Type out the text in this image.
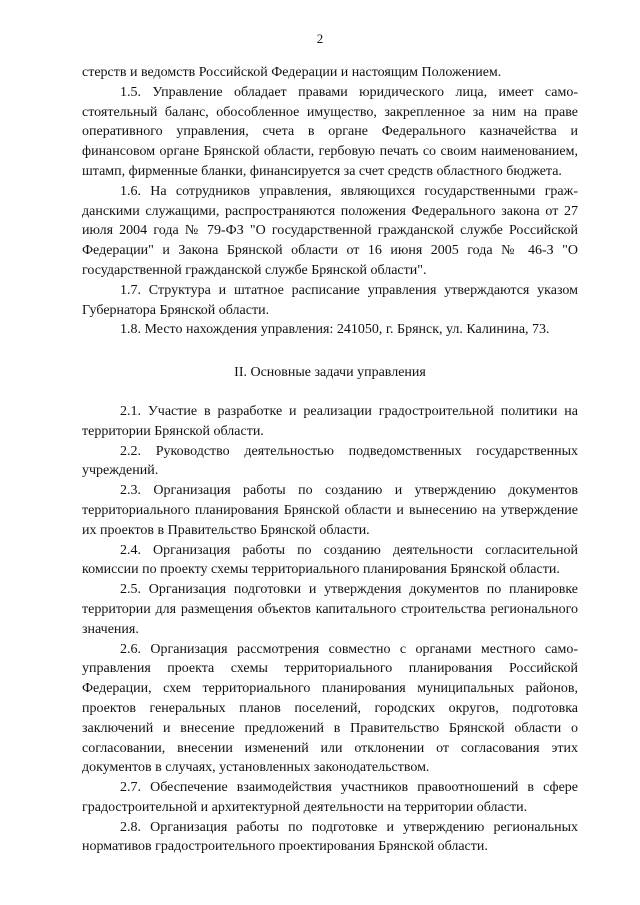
2

стерств и ведомств Российской Федерации и настоящим Положением.

1.5. Управление обладает правами юридического лица, имеет самостоятельный баланс, обособленное имущество, закрепленное за ним на праве оперативного управления, счета в органе Федерального казначейства и финансовом органе Брянской области, гербовую печать со своим наименованием, штамп, фирменные бланки, финансируется за счет средств областного бюджета.

1.6. На сотрудников управления, являющихся государственными гражданскими служащими, распространяются положения Федерального закона от 27 июля 2004 года № 79-ФЗ "О государственной гражданской службе Российской Федерации" и Закона Брянской области от 16 июня 2005 года № 46-З "О государственной гражданской службе Брянской области".

1.7. Структура и штатное расписание управления утверждаются указом Губернатора Брянской области.

1.8. Место нахождения управления: 241050, г. Брянск, ул. Калинина, 73.

II. Основные задачи управления

2.1. Участие в разработке и реализации градостроительной политики на территории Брянской области.

2.2. Руководство деятельностью подведомственных государственных учреждений.

2.3. Организация работы по созданию и утверждению документов территориального планирования Брянской области и вынесению на утверждение их проектов в Правительство Брянской области.

2.4. Организация работы по созданию деятельности согласительной комиссии по проекту схемы территориального планирования Брянской области.

2.5. Организация подготовки и утверждения документов по планировке территории для размещения объектов капитального строительства регионального значения.

2.6. Организация рассмотрения совместно с органами местного самоуправления проекта схемы территориального планирования Российской Федерации, схем территориального планирования муниципальных районов, проектов генеральных планов поселений, городских округов, подготовка заключений и внесение предложений в Правительство Брянской области о согласовании, внесении изменений или отклонении от согласования этих документов в случаях, установленных законодательством.

2.7. Обеспечение взаимодействия участников правоотношений в сфере градостроительной и архитектурной деятельности на территории области.

2.8. Организация работы по подготовке и утверждению региональных нормативов градостроительного проектирования Брянской области.
